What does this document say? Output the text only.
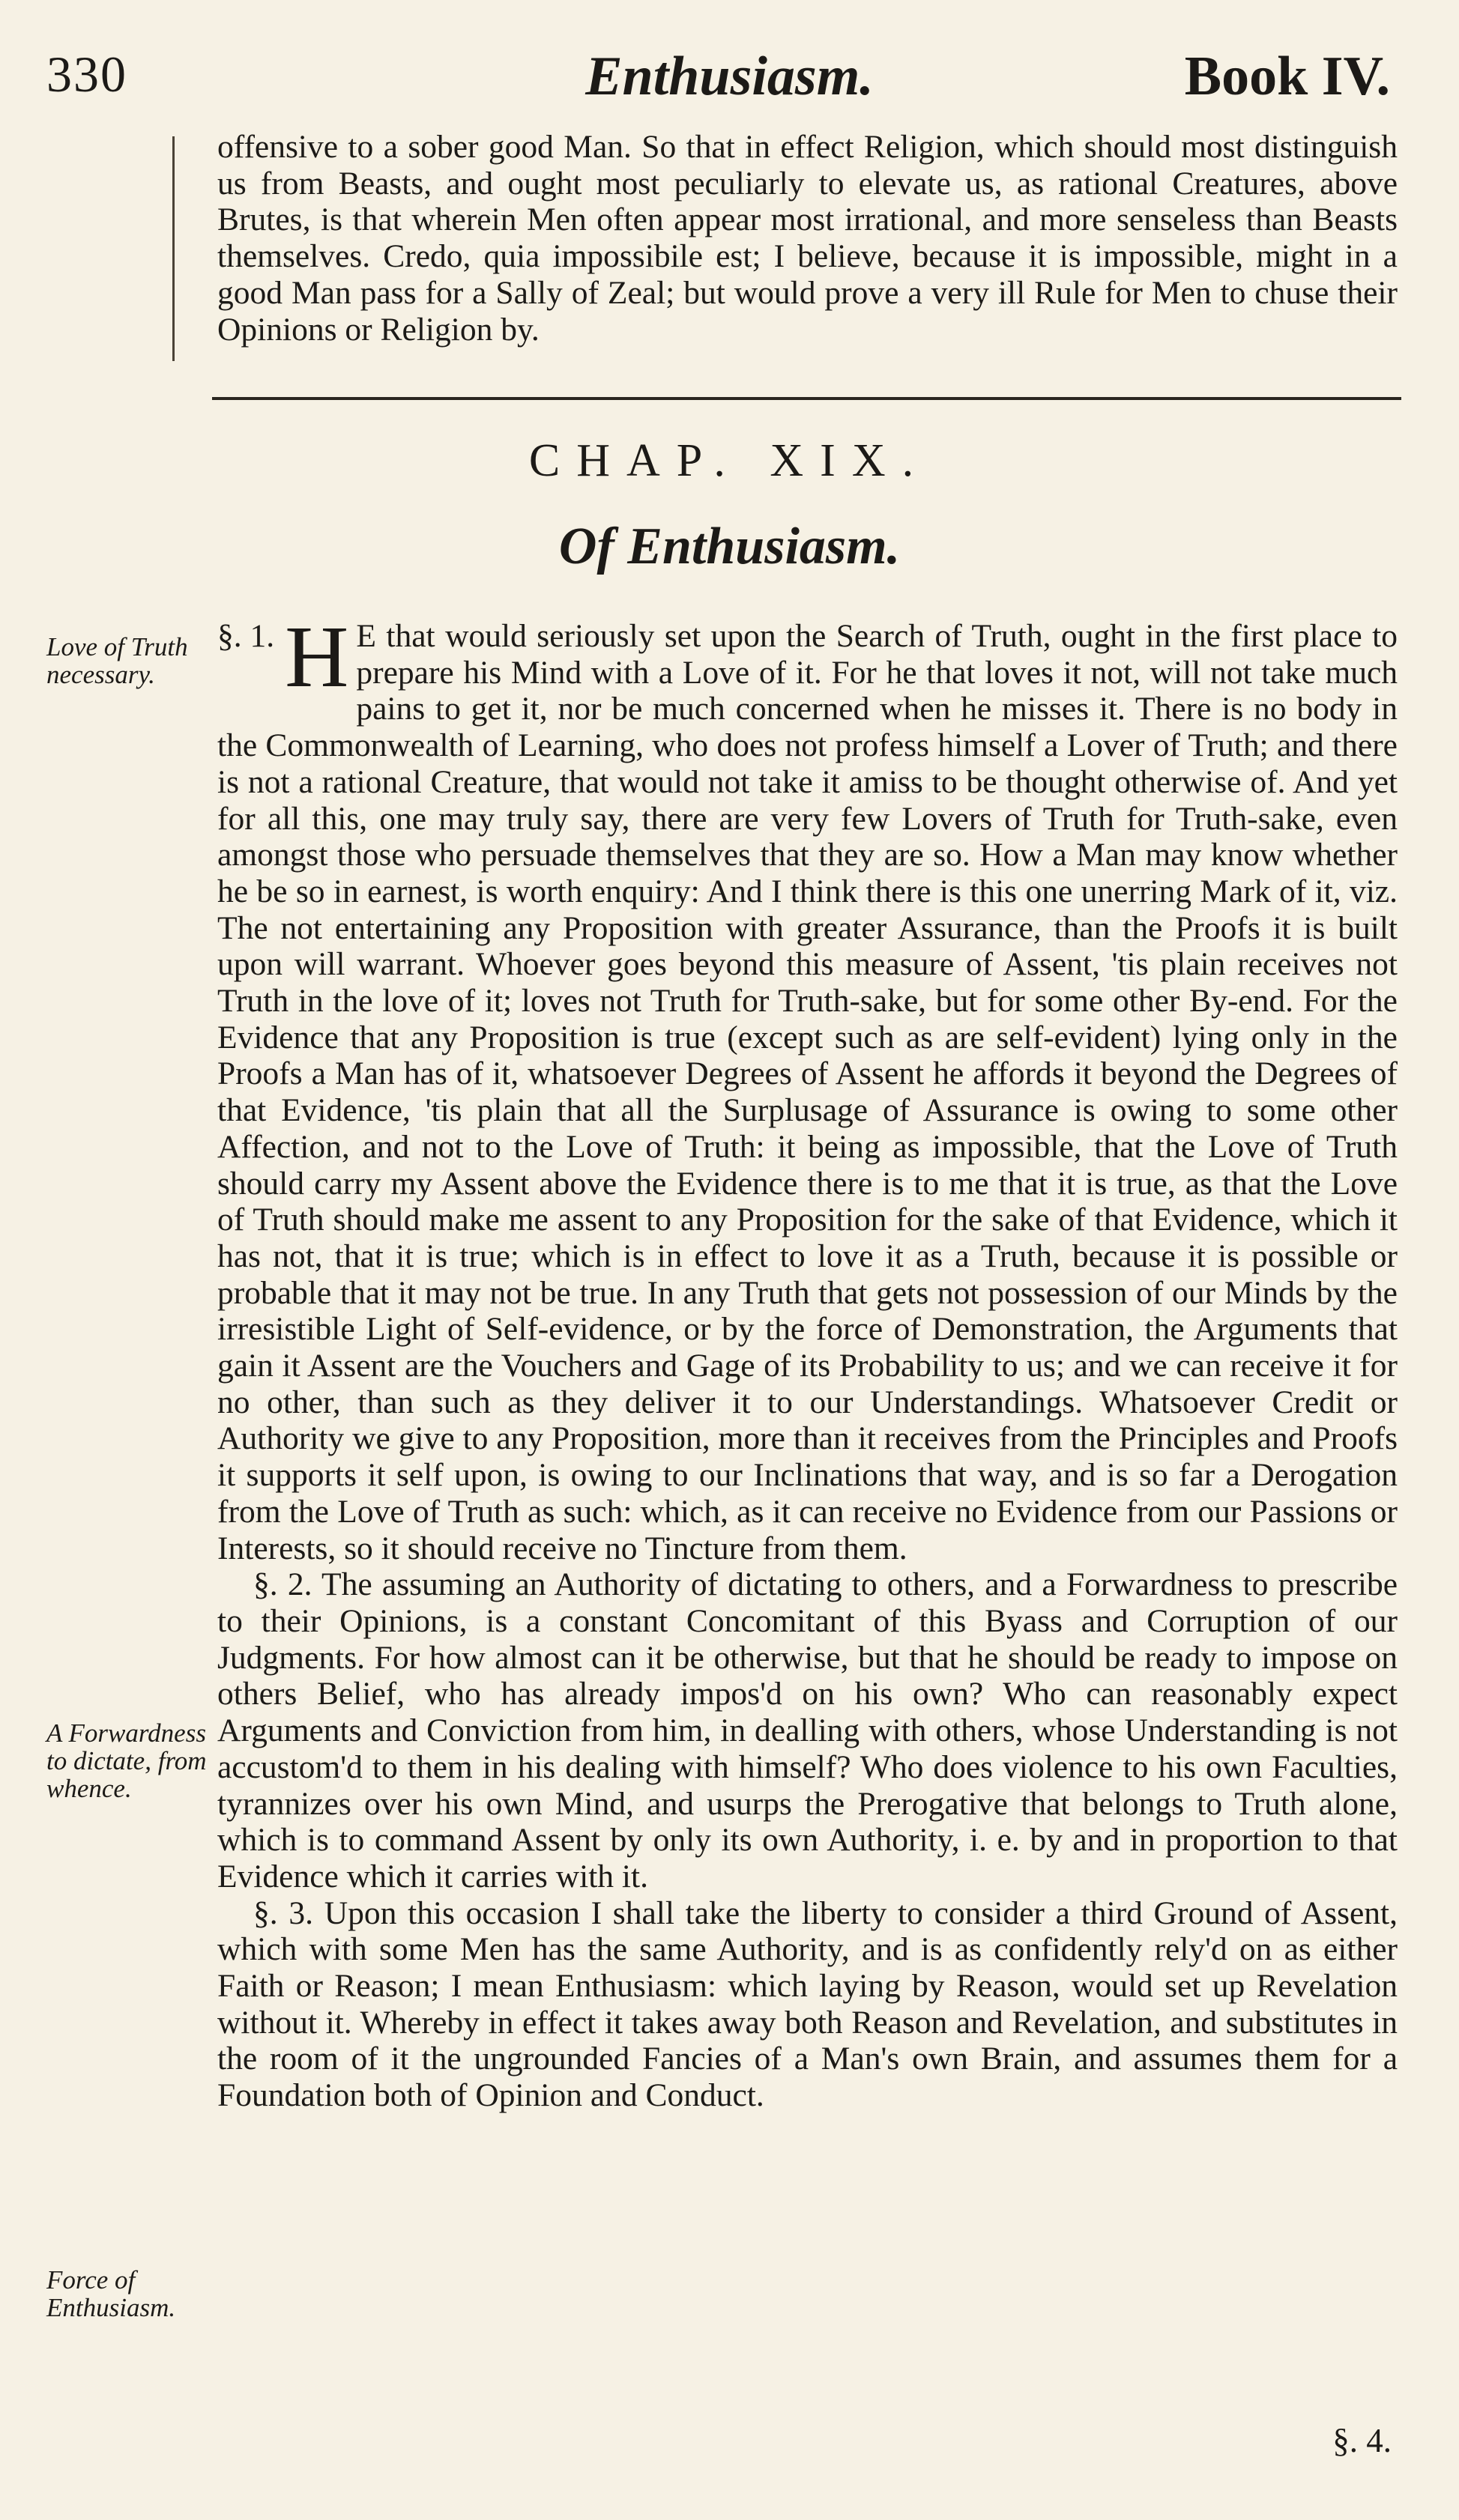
330	Enthusiasm.	Book IV.

offensive to a sober good Man. So that in effect Religion, which should most distinguish us from Beasts, and ought most peculiarly to elevate us, as rational Creatures, above Brutes, is that wherein Men often appear most irrational, and more senseless than Beasts themselves. Credo, quia impossibile est; I believe, because it is impossible, might in a good Man pass for a Sally of Zeal; but would prove a very ill Rule for Men to chuse their Opinions or Religion by.

CHAP. XIX.
Of Enthusiasm.
Love of Truth necessary.
A Forwardness to dictate, from whence.
Force of Enthusiasm.

§. 1. H E that would seriously set upon the Search of Truth, ought in the first place to prepare his Mind with a Love of it. For he that loves it not, will not take much pains to get it, nor be much concerned when he misses it. There is no body in the Commonwealth of Learning, who does not profess himself a Lover of Truth; and there is not a rational Creature, that would not take it amiss to be thought otherwise of. And yet for all this, one may truly say, there are very few Lovers of Truth for Truth-sake, even amongst those who persuade themselves that they are so. How a Man may know whether he be so in earnest, is worth enquiry: And I think there is this one unerring Mark of it, viz. The not entertaining any Proposition with greater Assurance, than the Proofs it is built upon will warrant. Whoever goes beyond this measure of Assent, 'tis plain receives not Truth in the love of it; loves not Truth for Truth-sake, but for some other By-end. For the Evidence that any Proposition is true (except such as are self-evident) lying only in the Proofs a Man has of it, whatsoever Degrees of Assent he affords it beyond the Degrees of that Evidence, 'tis plain that all the Surplusage of Assurance is owing to some other Affection, and not to the Love of Truth: it being as impossible, that the Love of Truth should carry my Assent above the Evidence there is to me that it is true, as that the Love of Truth should make me assent to any Proposition for the sake of that Evidence, which it has not, that it is true; which is in effect to love it as a Truth, because it is possible or probable that it may not be true. In any Truth that gets not possession of our Minds by the irresistible Light of Self-evidence, or by the force of Demonstration, the Arguments that gain it Assent are the Vouchers and Gage of its Probability to us; and we can receive it for no other, than such as they deliver it to our Understandings. Whatsoever Credit or Authority we give to any Proposition, more than it receives from the Principles and Proofs it supports it self upon, is owing to our Inclinations that way, and is so far a Derogation from the Love of Truth as such: which, as it can receive no Evidence from our Passions or Interests, so it should receive no Tincture from them.

§. 2. The assuming an Authority of dictating to others, and a Forwardness to prescribe to their Opinions, is a constant Concomitant of this Byass and Corruption of our Judgments. For how almost can it be otherwise, but that he should be ready to impose on others Belief, who has already impos'd on his own? Who can reasonably expect Arguments and Conviction from him, in dealling with others, whose Understanding is not accustom'd to them in his dealing with himself? Who does violence to his own Faculties, tyrannizes over his own Mind, and usurps the Prerogative that belongs to Truth alone, which is to command Assent by only its own Authority, i. e. by and in proportion to that Evidence which it carries with it.

§. 3. Upon this occasion I shall take the liberty to consider a third Ground of Assent, which with some Men has the same Authority, and is as confidently rely'd on as either Faith or Reason; I mean Enthusiasm: which laying by Reason, would set up Revelation without it. Whereby in effect it takes away both Reason and Revelation, and substitutes in the room of it the ungrounded Fancies of a Man's own Brain, and assumes them for a Foundation both of Opinion and Conduct.

§. 4.
